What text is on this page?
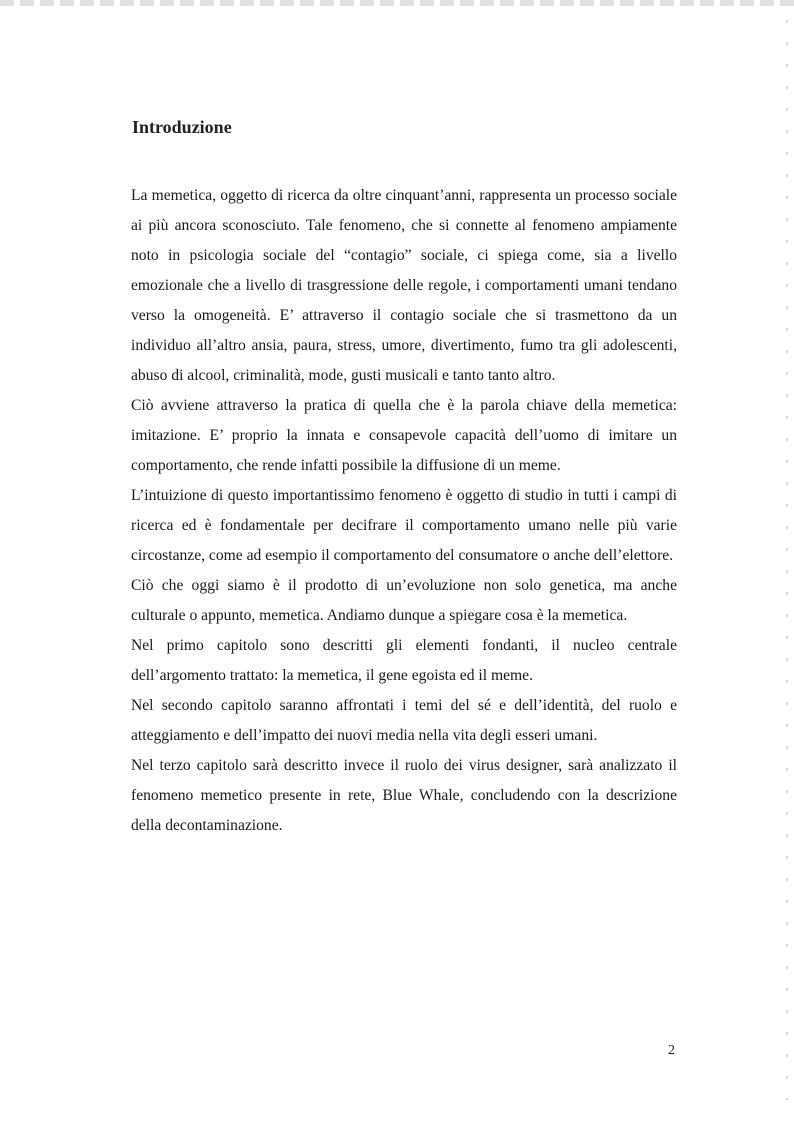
Introduzione

La memetica, oggetto di ricerca da oltre cinquant’anni, rappresenta un processo sociale ai più ancora sconosciuto. Tale fenomeno, che si connette al fenomeno ampiamente noto in psicologia sociale del “contagio” sociale, ci spiega come, sia a livello emozionale che a livello di trasgressione delle regole, i comportamenti umani tendano verso la omogeneità. E’ attraverso il contagio sociale che si trasmettono da un individuo all’altro ansia, paura, stress, umore, divertimento, fumo tra gli adolescenti, abuso di alcool, criminalità, mode, gusti musicali e tanto tanto altro.

Ciò avviene attraverso la pratica di quella che è la parola chiave della memetica: imitazione. E’ proprio la innata e consapevole capacità dell’uomo di imitare un comportamento, che rende infatti possibile la diffusione di un meme.

L’intuizione di questo importantissimo fenomeno è oggetto di studio in tutti i campi di ricerca ed è fondamentale per decifrare il comportamento umano nelle più varie circostanze, come ad esempio il comportamento del consumatore o anche dell’elettore.

Ciò che oggi siamo è il prodotto di un’evoluzione non solo genetica, ma anche culturale o appunto, memetica. Andiamo dunque a spiegare cosa è la memetica.

Nel primo capitolo sono descritti gli elementi fondanti, il nucleo centrale dell’argomento trattato: la memetica, il gene egoista ed il meme.

Nel secondo capitolo saranno affrontati i temi del sé e dell’identità, del ruolo e atteggiamento e dell’impatto dei nuovi media nella vita degli esseri umani.

Nel terzo capitolo sarà descritto invece il ruolo dei virus designer, sarà analizzato il fenomeno memetico presente in rete, Blue Whale, concludendo con la descrizione della decontaminazione.

2
